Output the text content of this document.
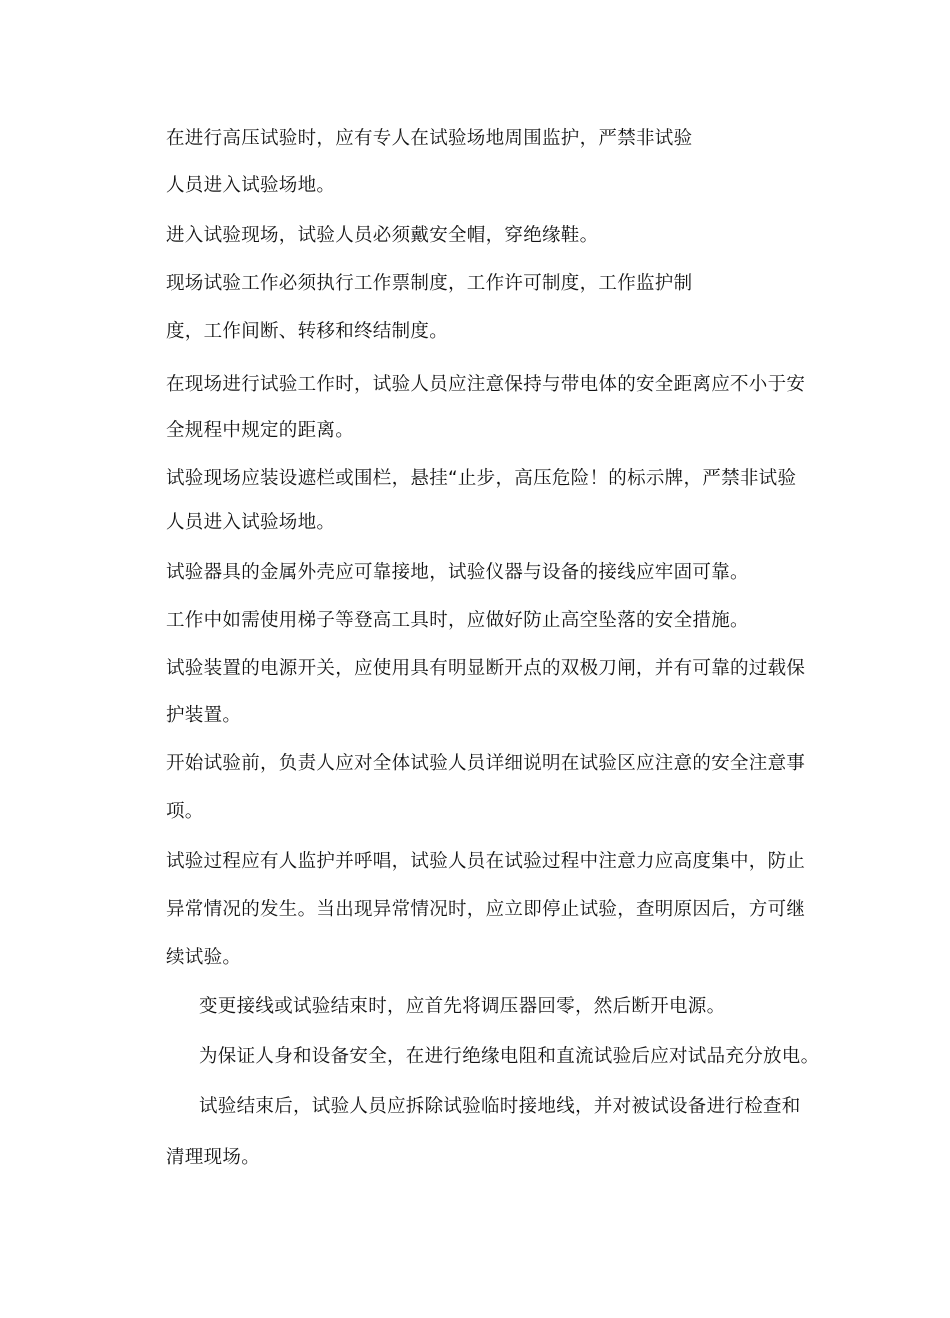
在进行高压试验时，应有专人在试验场地周围监护，严禁非试验
人员进入试验场地。
进入试验现场，试验人员必须戴安全帽，穿绝缘鞋。
现场试验工作必须执行工作票制度，工作许可制度，工作监护制
度，工作间断、转移和终结制度。
在现场进行试验工作时，试验人员应注意保持与带电体的安全距离应不小于安
全规程中规定的距离。
试验现场应装设遮栏或围栏，悬挂“止步，高压危险！的标示牌，严禁非试验
人员进入试验场地。
试验器具的金属外壳应可靠接地，试验仪器与设备的接线应牢固可靠。
工作中如需使用梯子等登高工具时，应做好防止高空坠落的安全措施。
试验装置的电源开关，应使用具有明显断开点的双极刀闸，并有可靠的过载保
护装置。
开始试验前，负责人应对全体试验人员详细说明在试验区应注意的安全注意事
项。
试验过程应有人监护并呼唱，试验人员在试验过程中注意力应高度集中，防止
异常情况的发生。当出现异常情况时，应立即停止试验，查明原因后，方可继
续试验。
变更接线或试验结束时，应首先将调压器回零，然后断开电源。
为保证人身和设备安全，在进行绝缘电阻和直流试验后应对试品充分放电。
试验结束后，试验人员应拆除试验临时接地线，并对被试设备进行检查和
清理现场。
